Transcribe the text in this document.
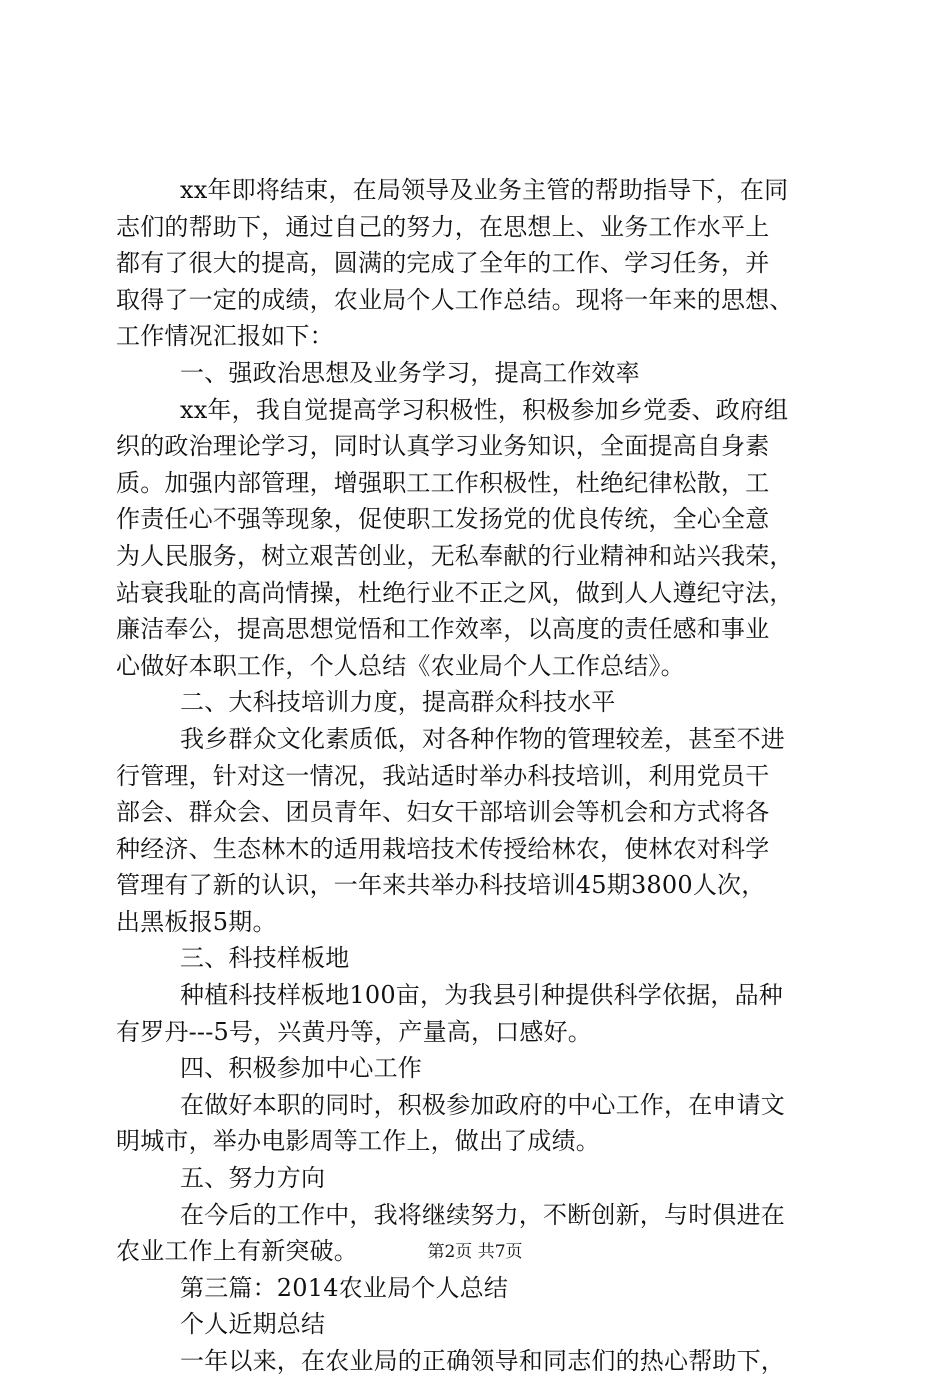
xx年即将结束，在局领导及业务主管的帮助指导下，在同
志们的帮助下，通过自己的努力，在思想上、业务工作水平上
都有了很大的提高，圆满的完成了全年的工作、学习任务，并
取得了一定的成绩，农业局个人工作总结。现将一年来的思想、
工作情况汇报如下：
一、强政治思想及业务学习，提高工作效率
xx年，我自觉提高学习积极性，积极参加乡党委、政府组
织的政治理论学习，同时认真学习业务知识，全面提高自身素
质。加强内部管理，增强职工工作积极性，杜绝纪律松散，工
作责任心不强等现象，促使职工发扬党的优良传统，全心全意
为人民服务，树立艰苦创业，无私奉献的行业精神和站兴我荣，
站衰我耻的高尚情操，杜绝行业不正之风，做到人人遵纪守法，
廉洁奉公，提高思想觉悟和工作效率，以高度的责任感和事业
心做好本职工作，个人总结《农业局个人工作总结》。
二、大科技培训力度，提高群众科技水平
我乡群众文化素质低，对各种作物的管理较差，甚至不进
行管理，针对这一情况，我站适时举办科技培训，利用党员干
部会、群众会、团员青年、妇女干部培训会等机会和方式将各
种经济、生态林木的适用栽培技术传授给林农，使林农对科学
管理有了新的认识，一年来共举办科技培训45期3800人次，
出黑板报5期。
三、科技样板地
种植科技样板地100亩，为我县引种提供科学依据，品种
有罗丹---5号，兴黄丹等，产量高，口感好。
四、积极参加中心工作
在做好本职的同时，积极参加政府的中心工作，在申请文
明城市，举办电影周等工作上，做出了成绩。
五、努力方向
在今后的工作中，我将继续努力，不断创新，与时俱进在
农业工作上有新突破。
第三篇：2014农业局个人总结
个人近期总结
一年以来，在农业局的正确领导和同志们的热心帮助下，
第2页 共7页
